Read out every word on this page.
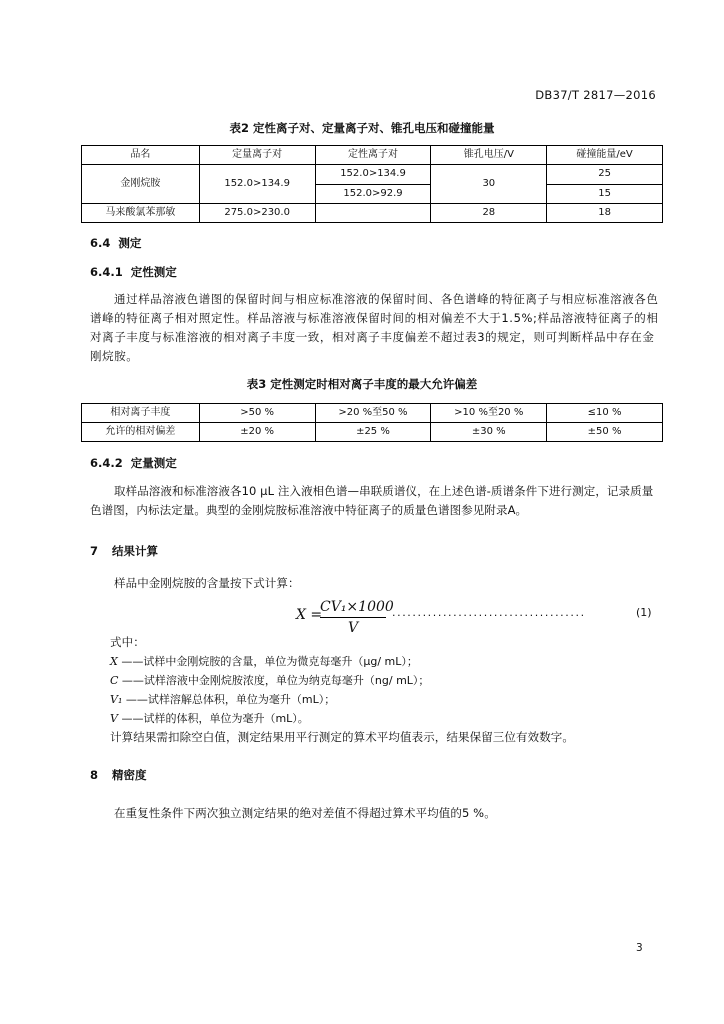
DB37/T 2817—2016
表2 定性离子对、定量离子对、锥孔电压和碰撞能量
品名	定量离子对	定性离子对	锥孔电压/V	碰撞能量/eV
金刚烷胺	152.0>134.9	152.0>134.9	30	25
		152.0>92.9		15
马来酸氯苯那敏	275.0>230.0		28	18
6.4 测定
6.4.1 定性测定
通过样品溶液色谱图的保留时间与相应标准溶液的保留时间、各色谱峰的特征离子与相应标准溶液各色谱峰的特征离子相对照定性。样品溶液与标准溶液保留时间的相对偏差不大于1.5%;样品溶液特征离子的相对离子丰度与标准溶液的相对离子丰度一致，相对离子丰度偏差不超过表3的规定，则可判断样品中存在金刚烷胺。
表3 定性测定时相对离子丰度的最大允许偏差
相对离子丰度	>50 %	>20 %至50 %	>10 %至20 %	≤10 %
允许的相对偏差	±20 %	±25 %	±30 %	±50 %
6.4.2 定量测定
取样品溶液和标准溶液各10 μL 注入液相色谱—串联质谱仪，在上述色谱-质谱条件下进行测定，记录质量色谱图，内标法定量。典型的金刚烷胺标准溶液中特征离子的质量色谱图参见附录A。
7 结果计算
样品中金刚烷胺的含量按下式计算：
X =
CV₁×1000
V
......................................	(1)
式中：
X ——试样中金刚烷胺的含量，单位为微克每毫升（μg/ mL）；
C ——试样溶液中金刚烷胺浓度，单位为纳克每毫升（ng/ mL）；
V₁ ——试样溶解总体积，单位为毫升（mL）；
V ——试样的体积，单位为毫升（mL）。
计算结果需扣除空白值，测定结果用平行测定的算术平均值表示，结果保留三位有效数字。
8 精密度
在重复性条件下两次独立测定结果的绝对差值不得超过算术平均值的5 %。
3
